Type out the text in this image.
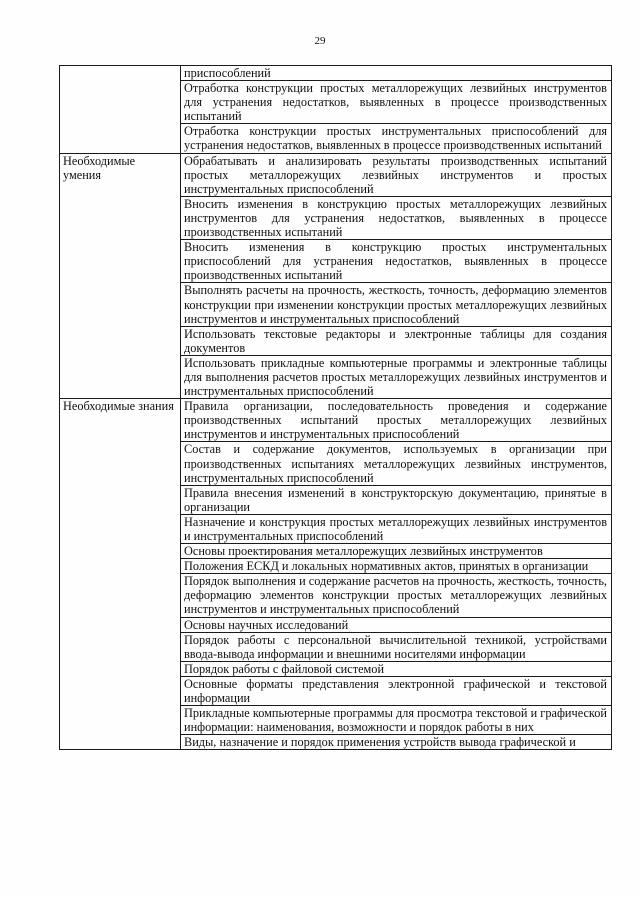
29
	приспособлений
	Отработка конструкции простых металлорежущих лезвийных инструментов для устранения недостатков, выявленных в процессе производственных испытаний
	Отработка конструкции простых инструментальных приспособлений для устранения недостатков, выявленных в процессе производственных испытаний
Необходимые умения	Обрабатывать и анализировать результаты производственных испытаний простых металлорежущих лезвийных инструментов и простых инструментальных приспособлений
	Вносить изменения в конструкцию простых металлорежущих лезвийных инструментов для устранения недостатков, выявленных в процессе производственных испытаний
	Вносить изменения в конструкцию простых инструментальных приспособлений для устранения недостатков, выявленных в процессе производственных испытаний
	Выполнять расчеты на прочность, жесткость, точность, деформацию элементов конструкции при изменении конструкции простых металлорежущих лезвийных инструментов и инструментальных приспособлений
	Использовать текстовые редакторы и электронные таблицы для создания документов
	Использовать прикладные компьютерные программы и электронные таблицы для выполнения расчетов простых металлорежущих лезвийных инструментов и инструментальных приспособлений
Необходимые знания	Правила организации, последовательность проведения и содержание производственных испытаний простых металлорежущих лезвийных инструментов и инструментальных приспособлений
	Состав и содержание документов, используемых в организации при производственных испытаниях металлорежущих лезвийных инструментов, инструментальных приспособлений
	Правила внесения изменений в конструкторскую документацию, принятые в организации
	Назначение и конструкция простых металлорежущих лезвийных инструментов и инструментальных приспособлений
	Основы проектирования металлорежущих лезвийных инструментов
	Положения ЕСКД и локальных нормативных актов, принятых в организации
	Порядок выполнения и содержание расчетов на прочность, жесткость, точность, деформацию элементов конструкции простых металлорежущих лезвийных инструментов и инструментальных приспособлений
	Основы научных исследований
	Порядок работы с персональной вычислительной техникой, устройствами ввода-вывода информации и внешними носителями информации
	Порядок работы с файловой системой
	Основные форматы представления электронной графической и текстовой информации
	Прикладные компьютерные программы для просмотра текстовой и графической информации: наименования, возможности и порядок работы в них
	Виды, назначение и порядок применения устройств вывода графической и
